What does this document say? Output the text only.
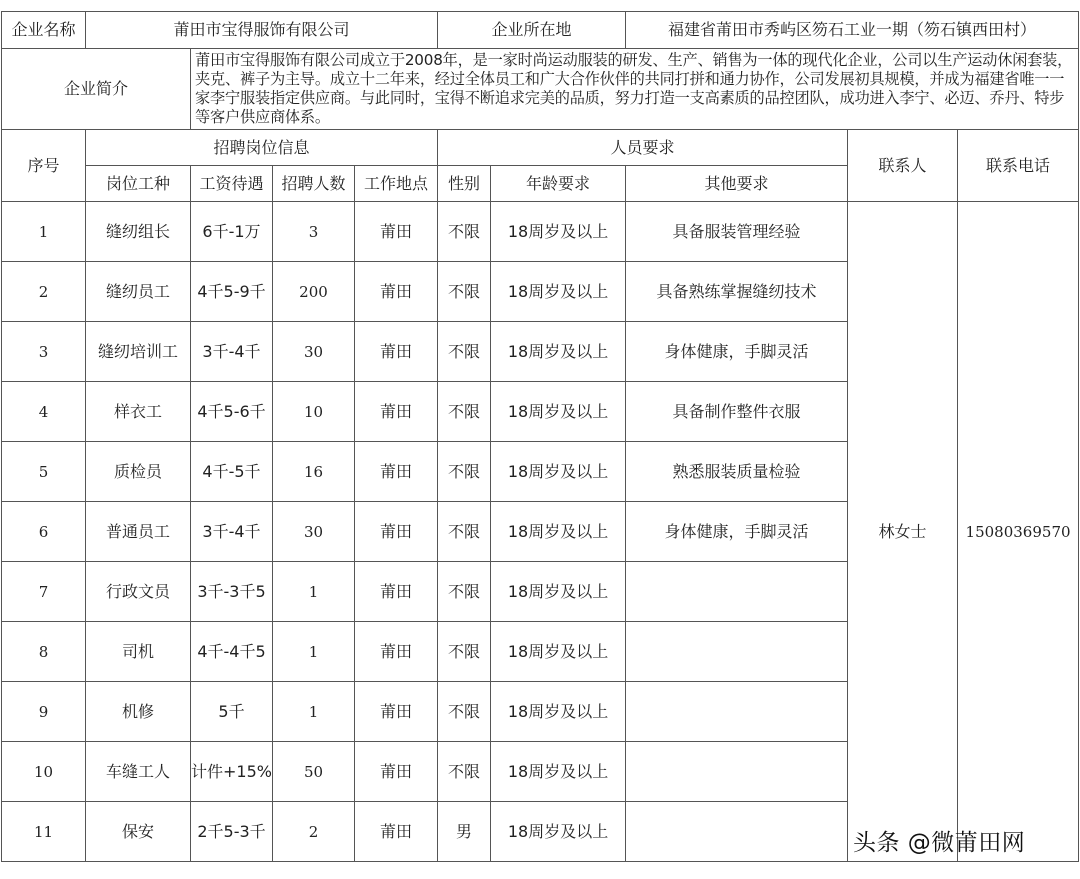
企业名称	莆田市宝得服饰有限公司				企业所在地		福建省莆田市秀屿区笏石工业一期（笏石镇西田村）		
企业简介		莆田市宝得服饰有限公司成立于2008年，是一家时尚运动服装的研发、生产、销售为一体的现代化企业，公司以生产运动休闲套装，夹克、裤子为主导。成立十二年来，经过全体员工和广大合作伙伴的共同打拼和通力协作，公司发展初具规模，并成为福建省唯一一家李宁服装指定供应商。与此同时，宝得不断追求完美的品质，努力打造一支高素质的品控团队，成功进入李宁、必迈、乔丹、特步等客户供应商体系。							
序号	招聘岗位信息				人员要求			联系人	联系电话
	岗位工种	工资待遇	招聘人数	工作地点	性别	年龄要求	其他要求		
1	缝纫组长	6千-1万	3	莆田	不限	18周岁及以上	具备服装管理经验	林女士	15080369570
2	缝纫员工	4千5-9千	200	莆田	不限	18周岁及以上	具备熟练掌握缝纫技术		
3	缝纫培训工	3千-4千	30	莆田	不限	18周岁及以上	身体健康，手脚灵活		
4	样衣工	4千5-6千	10	莆田	不限	18周岁及以上	具备制作整件衣服		
5	质检员	4千-5千	16	莆田	不限	18周岁及以上	熟悉服装质量检验		
6	普通员工	3千-4千	30	莆田	不限	18周岁及以上	身体健康，手脚灵活		
7	行政文员	3千-3千5	1	莆田	不限	18周岁及以上			
8	司机	4千-4千5	1	莆田	不限	18周岁及以上			
9	机修	5千	1	莆田	不限	18周岁及以上			
10	车缝工人	计件+15%	50	莆田	不限	18周岁及以上			
11	保安	2千5-3千	2	莆田	男	18周岁及以上				头条 @微莆田网
